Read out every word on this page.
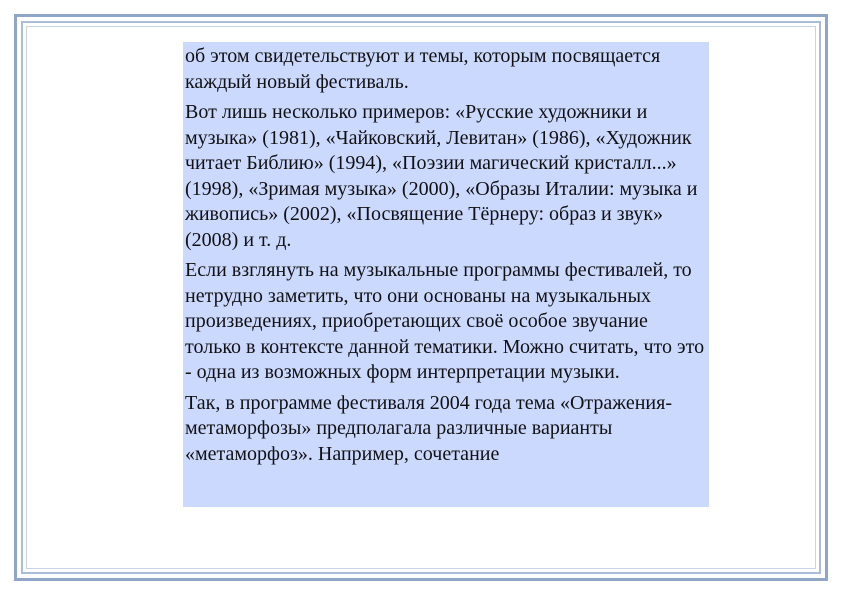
об этом свидетельствуют и темы, которым посвящается каждый новый фестиваль.

Вот лишь несколько примеров: «Русские художники и музыка» (1981), «Чайковский, Левитан» (1986), «Художник читает Библию» (1994), «Поэзии магический кристалл...» (1998), «Зримая музыка» (2000), «Образы Италии: музыка и живопись» (2002), «Посвящение Тёрнеру: образ и звук» (2008) и т. д.

Если взглянуть на музыкальные программы фестивалей, то нетрудно заметить, что они основаны на музыкальных произведениях, приобретающих своё особое звучание только в контексте данной тематики. Можно считать, что это - одна из возможных форм интерпретации музыки.

Так, в программе фестиваля 2004 года тема «Отражения-метаморфозы» предполагала различные варианты «метаморфоз». Например, сочетание
